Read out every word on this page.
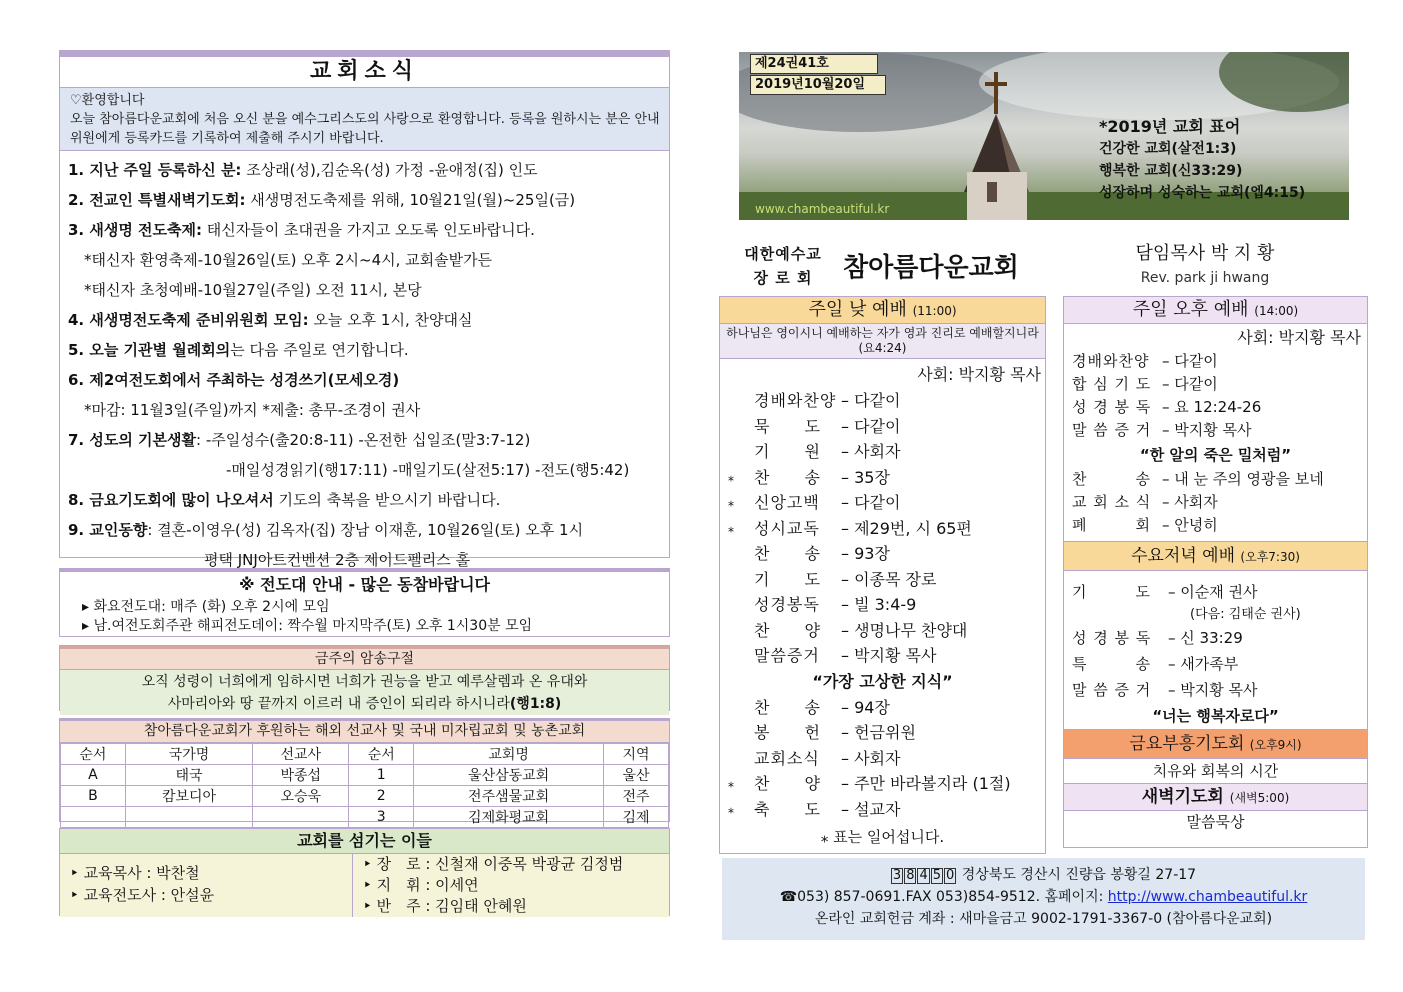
교회소식
♡환영합니다
오늘 참아름다운교회에 처음 오신 분을 예수그리스도의 사랑으로 환영합니다. 등록을 원하시는 분은 안내위원에게 등록카드를 기록하여 제출해 주시기 바랍니다.
1. 지난 주일 등록하신 분: 조상래(성),김순옥(성) 가정 -윤애정(집) 인도
2. 전교인 특별새벽기도회: 새생명전도축제를 위해, 10월21일(월)~25일(금)
3. 새생명 전도축제: 태신자들이 초대권을 가지고 오도록 인도바랍니다.
*태신자 환영축제-10월26일(토) 오후 2시~4시, 교회솔밭가든
*태신자 초청예배-10월27일(주일) 오전 11시, 본당
4. 새생명전도축제 준비위원회 모임: 오늘 오후 1시, 찬양대실
5. 오늘 기관별 월례회의는 다음 주일로 연기합니다.
6. 제2여전도회에서 주최하는 성경쓰기(모세오경)
*마감: 11월3일(주일)까지 *제출: 총무-조경이 권사
7. 성도의 기본생활: -주일성수(출20:8-11) -온전한 십일조(말3:7-12)
-매일성경읽기(행17:11) -매일기도(살전5:17) -전도(행5:42)
8. 금요기도회에 많이 나오셔서 기도의 축복을 받으시기 바랍니다.
9. 교인동향: 결혼-이영우(성) 김옥자(집) 장남 이재훈, 10월26일(토) 오후 1시
평택 JNJ아트컨벤션 2층 제이드펠리스 홀
※ 전도대 안내 - 많은 동참바랍니다
▸ 화요전도대: 매주 (화) 오후 2시에 모임
▸ 남.여전도회주관 해피전도데이: 짝수월 마지막주(토) 오후 1시30분 모임
금주의 암송구절
오직 성령이 너희에게 임하시면 너희가 권능을 받고 예루살렘과 온 유대와
사마리아와 땅 끝까지 이르러 내 증인이 되리라 하시니라(행1:8)
참아름다운교회가 후원하는 해외 선교사 및 국내 미자립교회 및 농촌교회
순서	국가명	선교사	순서	교회명	지역
A	태국	박종섭	1	울산삼동교회	울산
B	캄보디아	오승욱	2	전주샘물교회	전주
			3	김제화평교회	김제
교회를 섬기는 이들
‣ 교육목사 : 박찬철
‣ 교육전도사 : 안설윤
‣ 장　로 : 신철재 이중목 박광균 김정범
‣ 지　휘 : 이세연
‣ 반　주 : 김임태 안혜원
제24권41호
2019년10월20일
*2019년 교회 표어
건강한 교회(살전1:3)
행복한 교회(신33:29)
성장하며 성숙하는 교회(엡4:15)
www.chambeautiful.kr
대한예수교
장 로 회	참아름다운교회	담임목사 박 지 황
Rev. park ji hwang
주일 낮 예배 (11:00)
하나님은 영이시니 예배하는 자가 영과 진리로 예배할지니라(요4:24)
사회: 박지황 목사
경배와찬양 – 다같이
묵　　도 – 다같이
기　　원 – 사회자
⁎ 찬　　송 – 35장
⁎ 신앙고백 – 다같이
⁎ 성시교독 – 제29번, 시 65편
찬　　송 – 93장
기　　도 – 이종목 장로
성경봉독 – 빌 3:4-9
찬　　양 – 생명나무 찬양대
말씀증거 – 박지황 목사
“가장 고상한 지식”
찬　　송 – 94장
봉　　헌 – 헌금위원
교회소식 – 사회자
⁎ 찬　　양 – 주만 바라볼지라 (1절)
⁎ 축　　도 – 설교자
⁎ 표는 일어섭니다.
주일 오후 예배 (14:00)
사회: 박지황 목사
경배와찬양 – 다같이
합 심 기 도 – 다같이
성 경 봉 독 – 요 12:24-26
말 씀 증 거 – 박지황 목사
“한 알의 죽은 밀처럼”
찬　　　송 – 내 눈 주의 영광을 보네
교 회 소 식 – 사회자
폐　　　회 – 안녕히
수요저녁 예배 (오후7:30)
기　　　도 – 이순재 권사
(다음: 김태순 권사)
성 경 봉 독 – 신 33:29
특　　　송 – 새가족부
말 씀 증 거 – 박지황 목사
“너는 행복자로다”
금요부흥기도회 (오후9시)
치유와 회복의 시간
새벽기도회 (새벽5:00)
말씀묵상
3 8 4 5 0 경상북도 경산시 진량읍 봉황길 27-17
☎053) 857-0691.FAX 053)854-9512. 홈페이지: http://www.chambeautiful.kr
온라인 교회헌금 계좌 : 새마을금고 9002-1791-3367-0 (참아름다운교회)
